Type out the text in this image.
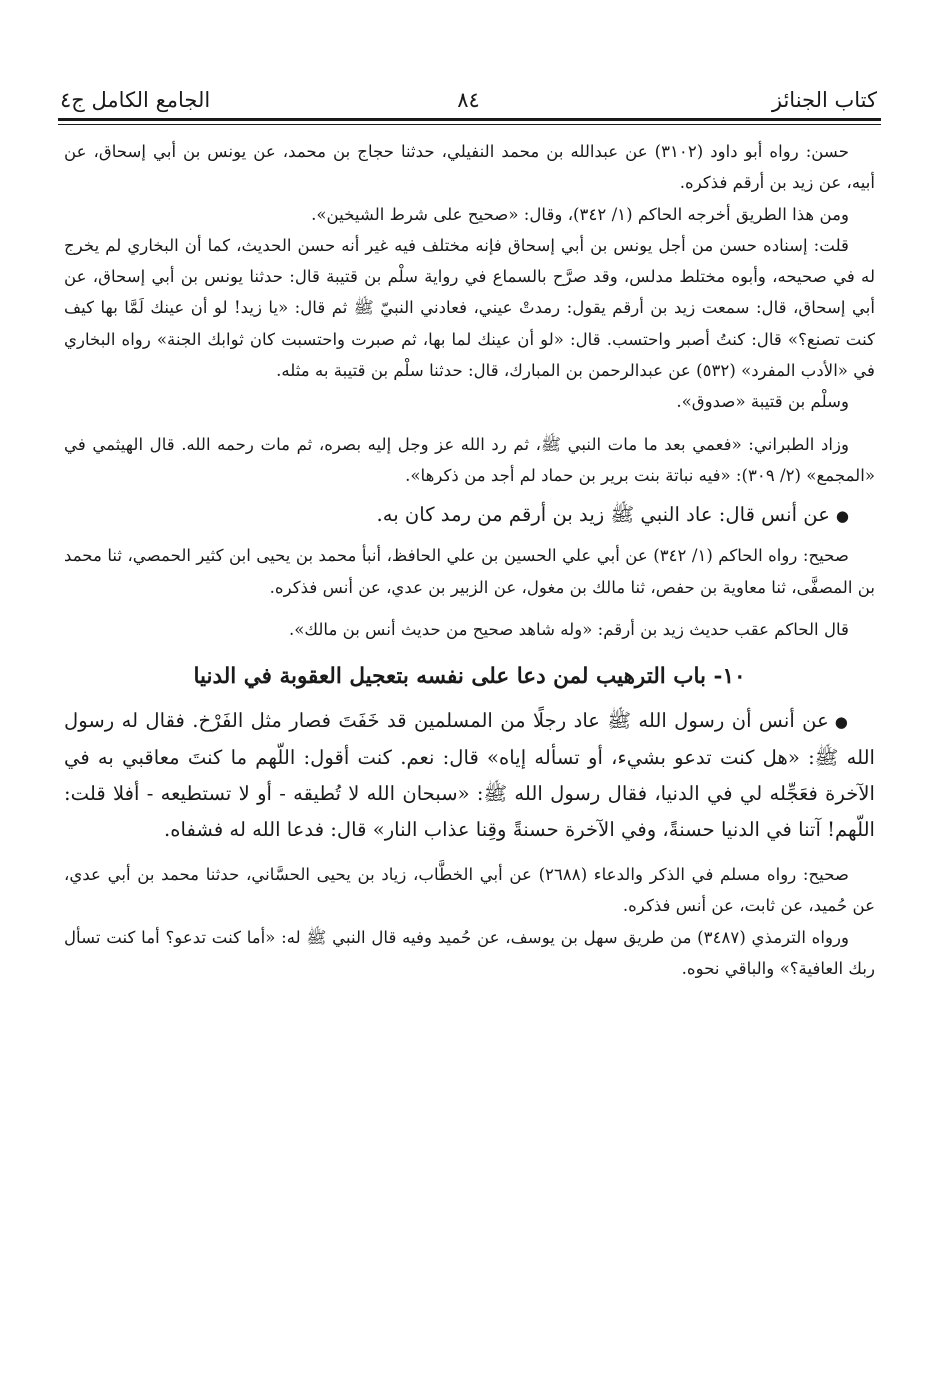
كتاب الجنائز
٨٤
الجامع الكامل ج٤

حسن: رواه أبو داود (٣١٠٢) عن عبدالله بن محمد النفيلي، حدثنا حجاج بن محمد، عن يونس بن أبي إسحاق، عن أبيه، عن زيد بن أرقم فذكره.

ومن هذا الطريق أخرجه الحاكم (١/ ٣٤٢)، وقال: «صحيح على شرط الشيخين».

قلت: إسناده حسن من أجل يونس بن أبي إسحاق فإنه مختلف فيه غير أنه حسن الحديث، كما أن البخاري لم يخرج له في صحيحه، وأبوه مختلط مدلس، وقد صرَّح بالسماع في رواية سلْم بن قتيبة قال: حدثنا يونس بن أبي إسحاق، عن أبي إسحاق، قال: سمعت زيد بن أرقم يقول: رمدتْ عيني، فعادني النبيّ ﷺ ثم قال: «يا زيد! لو أن عينك لَمَّا بها كيف كنت تصنع؟» قال: كنتُ أصبر واحتسب. قال: «لو أن عينك لما بها، ثم صبرت واحتسبت كان ثوابك الجنة» رواه البخاري في «الأدب المفرد» (٥٣٢) عن عبدالرحمن بن المبارك، قال: حدثنا سلْم بن قتيبة به مثله.

وسلْم بن قتيبة «صدوق».

وزاد الطبراني: «فعمي بعد ما مات النبي ﷺ، ثم رد الله عز وجل إليه بصره، ثم مات رحمه الله. قال الهيثمي في «المجمع» (٢/ ٣٠٩): «فيه نباتة بنت برير بن حماد لم أجد من ذكرها».

●عن أنس قال: عاد النبي ﷺ زيد بن أرقم من رمد كان به.

صحيح: رواه الحاكم (١/ ٣٤٢) عن أبي علي الحسين بن علي الحافظ، أنبأ محمد بن يحيى ابن كثير الحمصي، ثنا محمد بن المصفَّى، ثنا معاوية بن حفص، ثنا مالك بن مغول، عن الزبير بن عدي، عن أنس فذكره.

قال الحاكم عقب حديث زيد بن أرقم: «وله شاهد صحيح من حديث أنس بن مالك».

١٠- باب الترهيب لمن دعا على نفسه بتعجيل العقوبة في الدنيا

●عن أنس أن رسول الله ﷺ عاد رجلًا من المسلمين قد خَفَتَ فصار مثل الفَرْخ. فقال له رسول الله ﷺ: «هل كنت تدعو بشيء، أو تسأله إياه» قال: نعم. كنت أقول: اللّهم ما كنتَ معاقبي به في الآخرة فعَجِّله لي في الدنيا، فقال رسول الله ﷺ: «سبحان الله لا تُطيقه - أو لا تستطيعه - أفلا قلت: اللّهم! آتنا في الدنيا حسنةً، وفي الآخرة حسنةً وقِنا عذاب النار» قال: فدعا الله له فشفاه.

صحيح: رواه مسلم في الذكر والدعاء (٢٦٨٨) عن أبي الخطَّاب، زياد بن يحيى الحسَّاني، حدثنا محمد بن أبي عدي، عن حُميد، عن ثابت، عن أنس فذكره.

ورواه الترمذي (٣٤٨٧) من طريق سهل بن يوسف، عن حُميد وفيه قال النبي ﷺ له: «أما كنت تدعو؟ أما كنت تسأل ربك العافية؟» والباقي نحوه.
